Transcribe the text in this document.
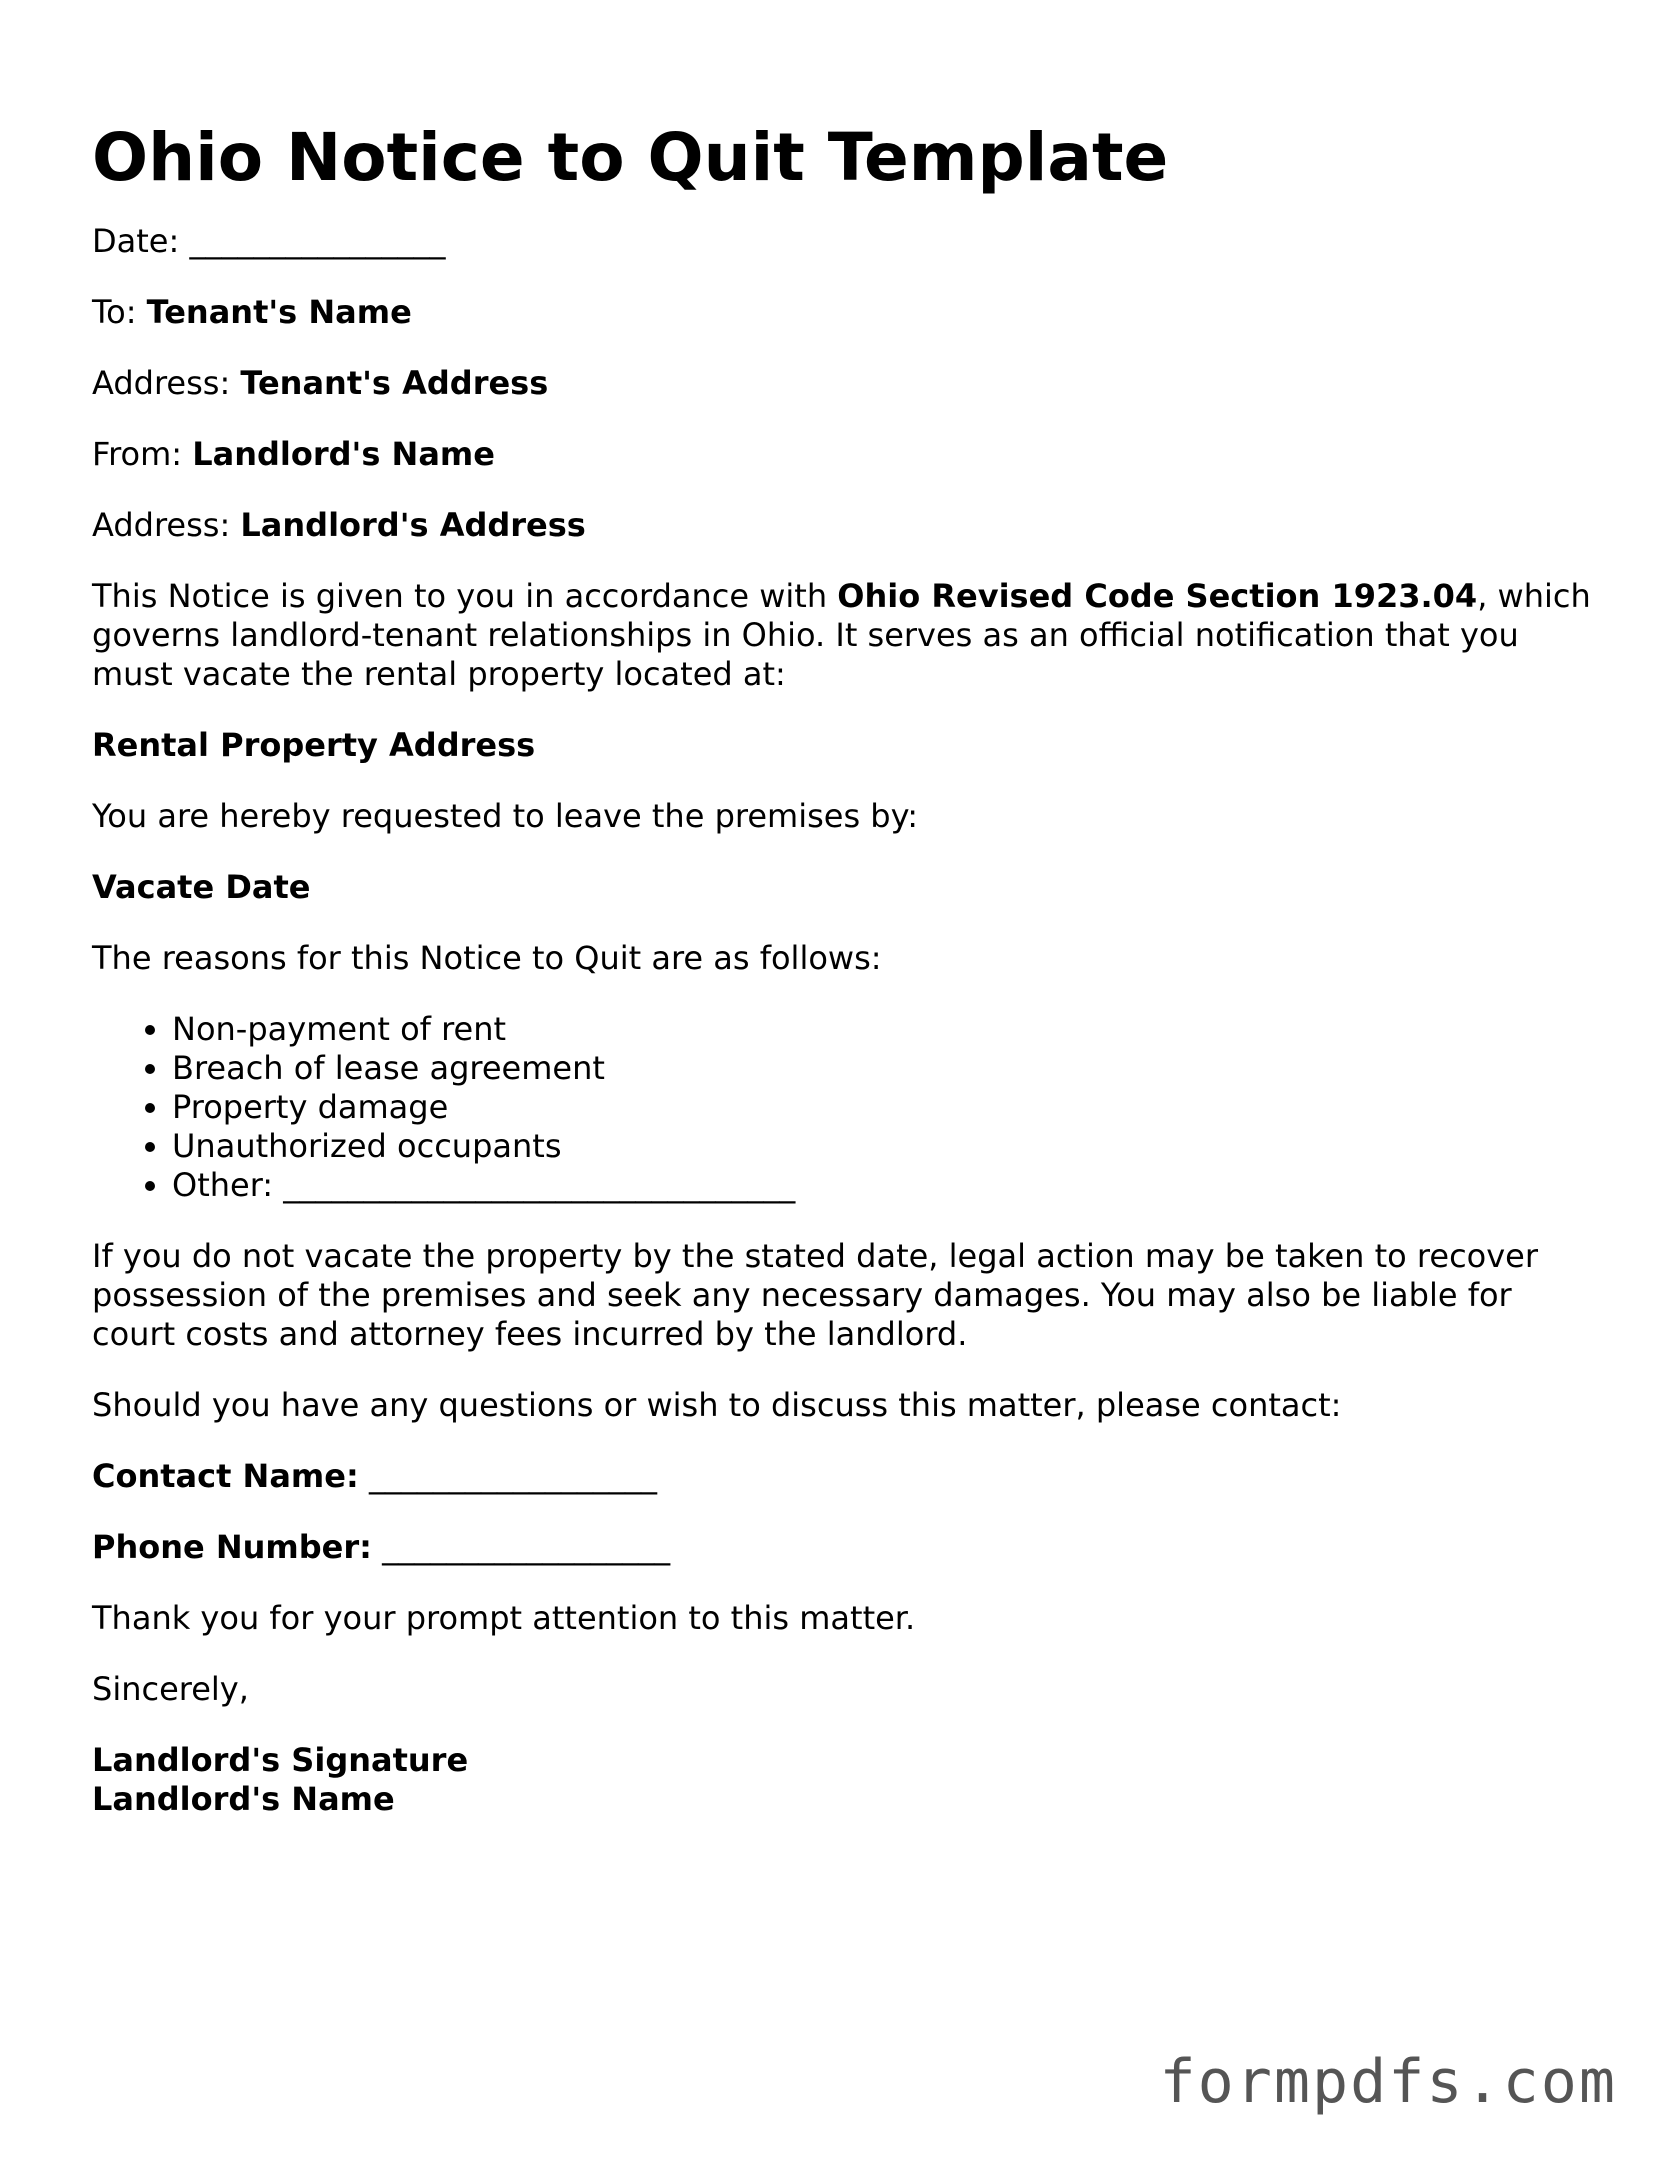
Ohio Notice to Quit Template

Date: ________________

To: Tenant's Name

Address: Tenant's Address

From: Landlord's Name

Address: Landlord's Address

This Notice is given to you in accordance with Ohio Revised Code Section 1923.04, which governs landlord-tenant relationships in Ohio. It serves as an official notification that you must vacate the rental property located at:

Rental Property Address

You are hereby requested to leave the premises by:

Vacate Date

The reasons for this Notice to Quit are as follows:

• Non-payment of rent
• Breach of lease agreement
• Property damage
• Unauthorized occupants
• Other: ________________________________

If you do not vacate the property by the stated date, legal action may be taken to recover possession of the premises and seek any necessary damages. You may also be liable for court costs and attorney fees incurred by the landlord.

Should you have any questions or wish to discuss this matter, please contact:

Contact Name: __________________

Phone Number: __________________

Thank you for your prompt attention to this matter.

Sincerely,

Landlord's Signature
Landlord's Name

formpdfs.com
